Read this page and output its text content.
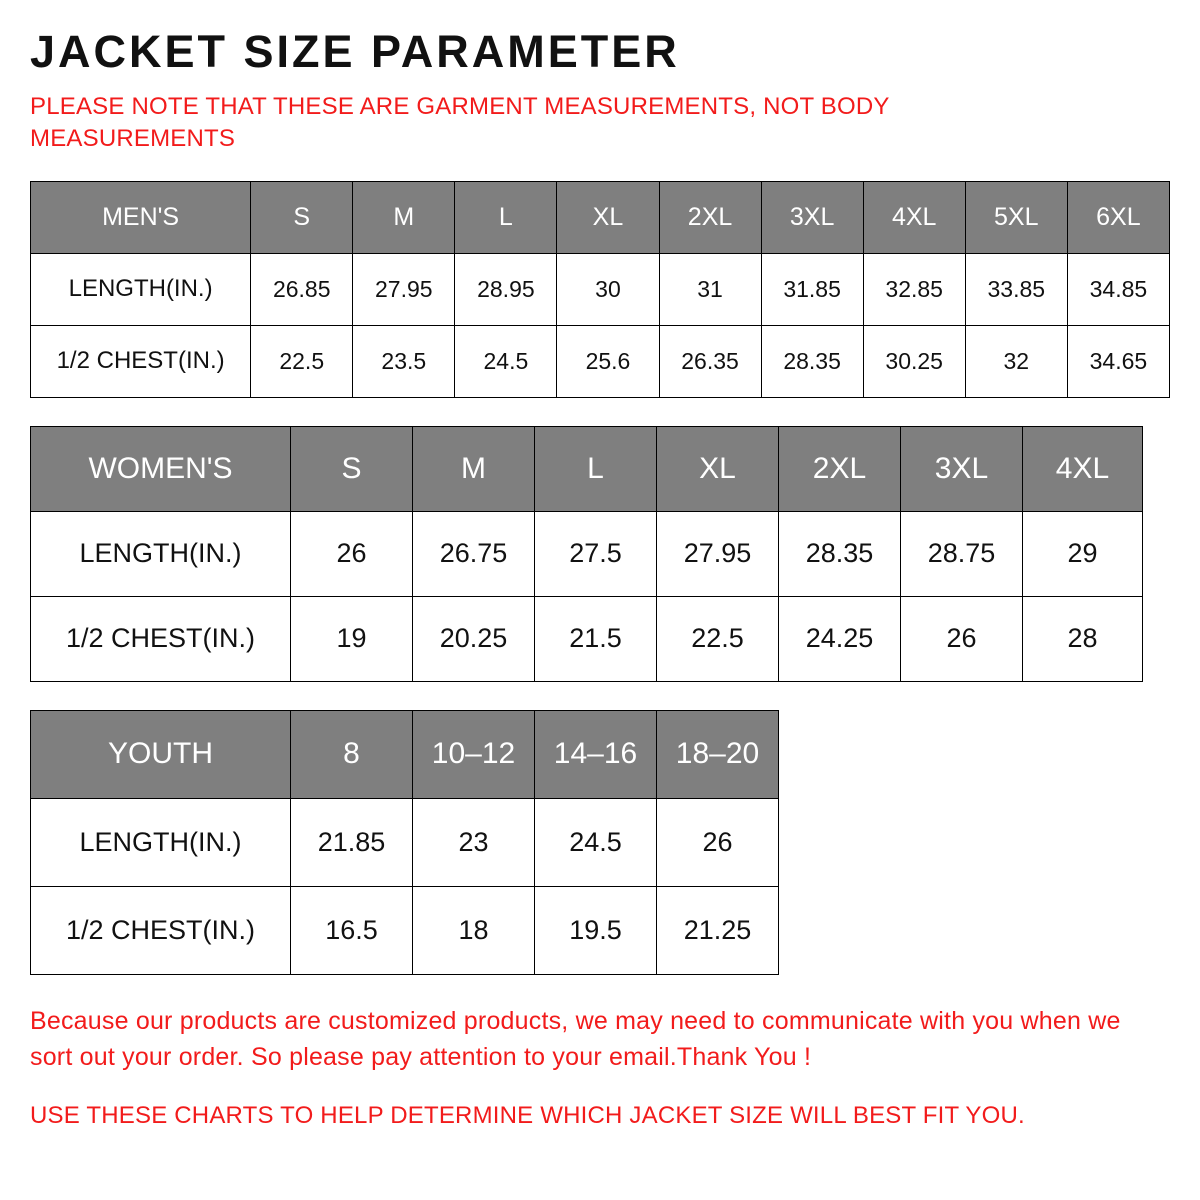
JACKET SIZE PARAMETER

PLEASE NOTE THAT THESE ARE GARMENT MEASUREMENTS, NOT BODY MEASUREMENTS

MEN'S	S	M	L	XL	2XL	3XL	4XL	5XL	6XL
LENGTH(IN.)	26.85	27.95	28.95	30	31	31.85	32.85	33.85	34.85
1/2 CHEST(IN.)	22.5	23.5	24.5	25.6	26.35	28.35	30.25	32	34.65
WOMEN'S	S	M	L	XL	2XL	3XL	4XL
LENGTH(IN.)	26	26.75	27.5	27.95	28.35	28.75	29
1/2 CHEST(IN.)	19	20.25	21.5	22.5	24.25	26	28
YOUTH	8	10–12	14–16	18–20
LENGTH(IN.)	21.85	23	24.5	26
1/2 CHEST(IN.)	16.5	18	19.5	21.25
Because our products are customized products, we may need to communicate with you when we sort out your order. So please pay attention to your email.Thank You !
USE THESE CHARTS TO HELP DETERMINE WHICH JACKET SIZE WILL BEST FIT YOU.
